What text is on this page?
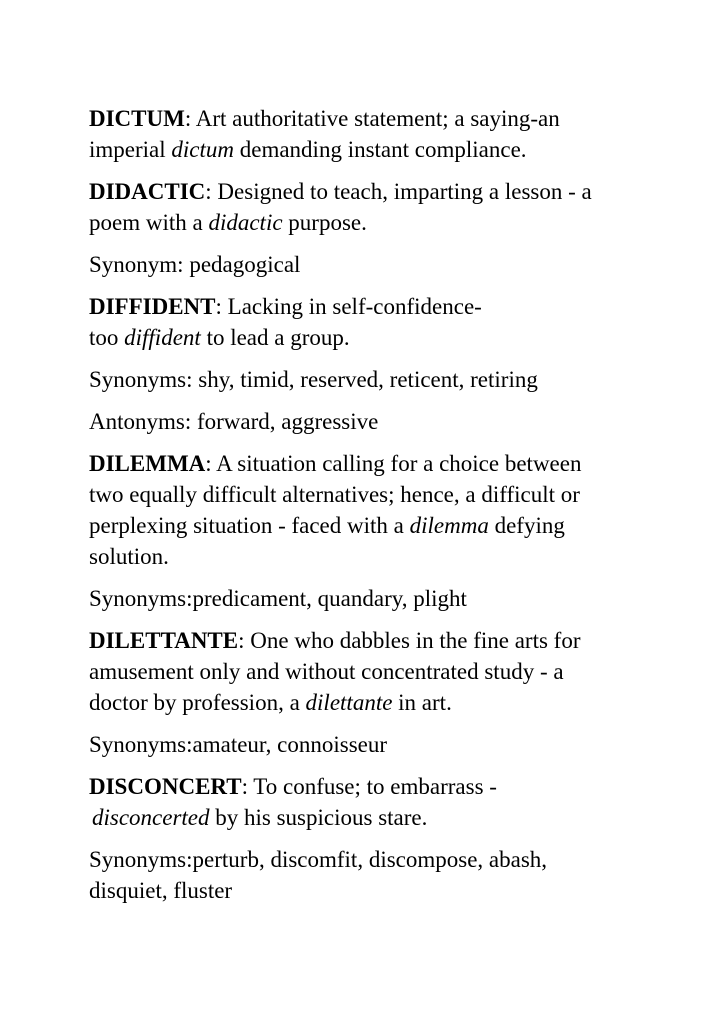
DICTUM: Art authoritative statement; a saying-an
imperial dictum demanding instant compliance.
DIDACTIC: Designed to teach, imparting a lesson - a
poem with a didactic purpose.
Synonym: pedagogical
DIFFIDENT: Lacking in self-confidence-
too diffident to lead a group.
Synonyms: shy, timid, reserved, reticent, retiring
Antonyms: forward, aggressive
DILEMMA: A situation calling for a choice between
two equally difficult alternatives; hence, a difficult or
perplexing situation - faced with a dilemma defying
solution.
Synonyms:predicament, quandary, plight
DILETTANTE: One who dabbles in the fine arts for
amusement only and without concentrated study - a
doctor by profession, a dilettante in art.
Synonyms:amateur, connoisseur
DISCONCERT: To confuse; to embarrass -
disconcerted by his suspicious stare.
Synonyms:perturb, discomfit, discompose, abash,
disquiet, fluster
